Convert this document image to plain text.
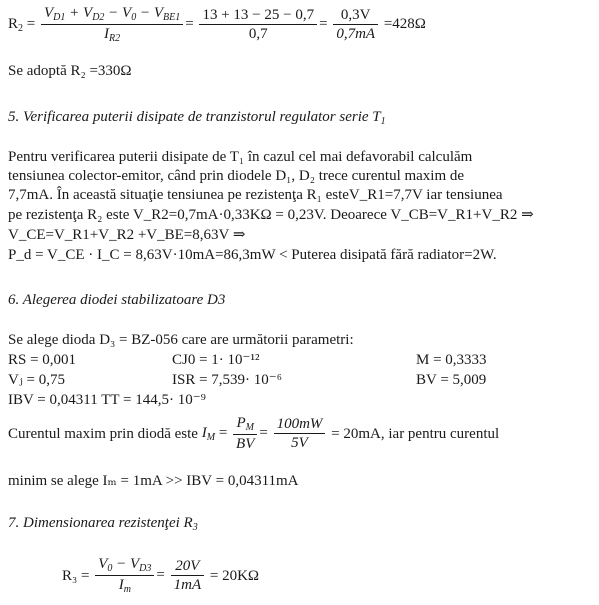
$R_2 = \frac{V_{D1} + V_{D2} - V_0 - V_{BE1}}{I_{R2}} = \frac{13 + 13 - 25 - 0,7}{0,7} = \frac{0,3V}{0,7mA} =428\Omega$
Se adoptă R₂ =330Ω
5. Verificarea puterii disipate de tranzistorul regulator serie $T_1$
Pentru verificarea puterii disipate de T₁ în cazul cel mai defavorabil calculăm
tensiunea colector-emitor, când prin diodele D₁, D₂ trece curentul maxim de
7,7mA. În această situaţie tensiunea pe rezistenţa R₁ esteV_R1=7,7V iar tensiunea
pe rezistenţa R₂ este V_R2=0,7mA·0,33KΩ = 0,23V. Deoarece V_CB=V_R1+V_R2 ⇒
V_CE=V_R1+V_R2 +V_BE=8,63V ⇒
P_d = V_CE · I_C = 8,63V·10mA=86,3mW < Puterea disipată fără radiator=2W.
6. Alegerea diodei stabilizatoare D3
Se alege dioda D₃ = BZ-056 care are următorii parametri:
RS = 0,001	CJ0 = 1· 10⁻¹²	M = 0,3333
Vⱼ = 0,75	ISR = 7,539· 10⁻⁶	BV = 5,009
IBV = 0,04311 TT = 144,5· 10⁻⁹
Curentul maxim prin diodă este $I_M = \frac{P_M}{BV} = \frac{100mW}{5V} = 20mA$, iar pentru curentul
minim se alege Iₘ = 1mA >> IBV = 0,04311mA
7. Dimensionarea rezistenţei $R_3$
$R_3 = \frac{V_0 - V_{D3}}{I_m} = \frac{20V}{1mA} = 20K\Omega$
